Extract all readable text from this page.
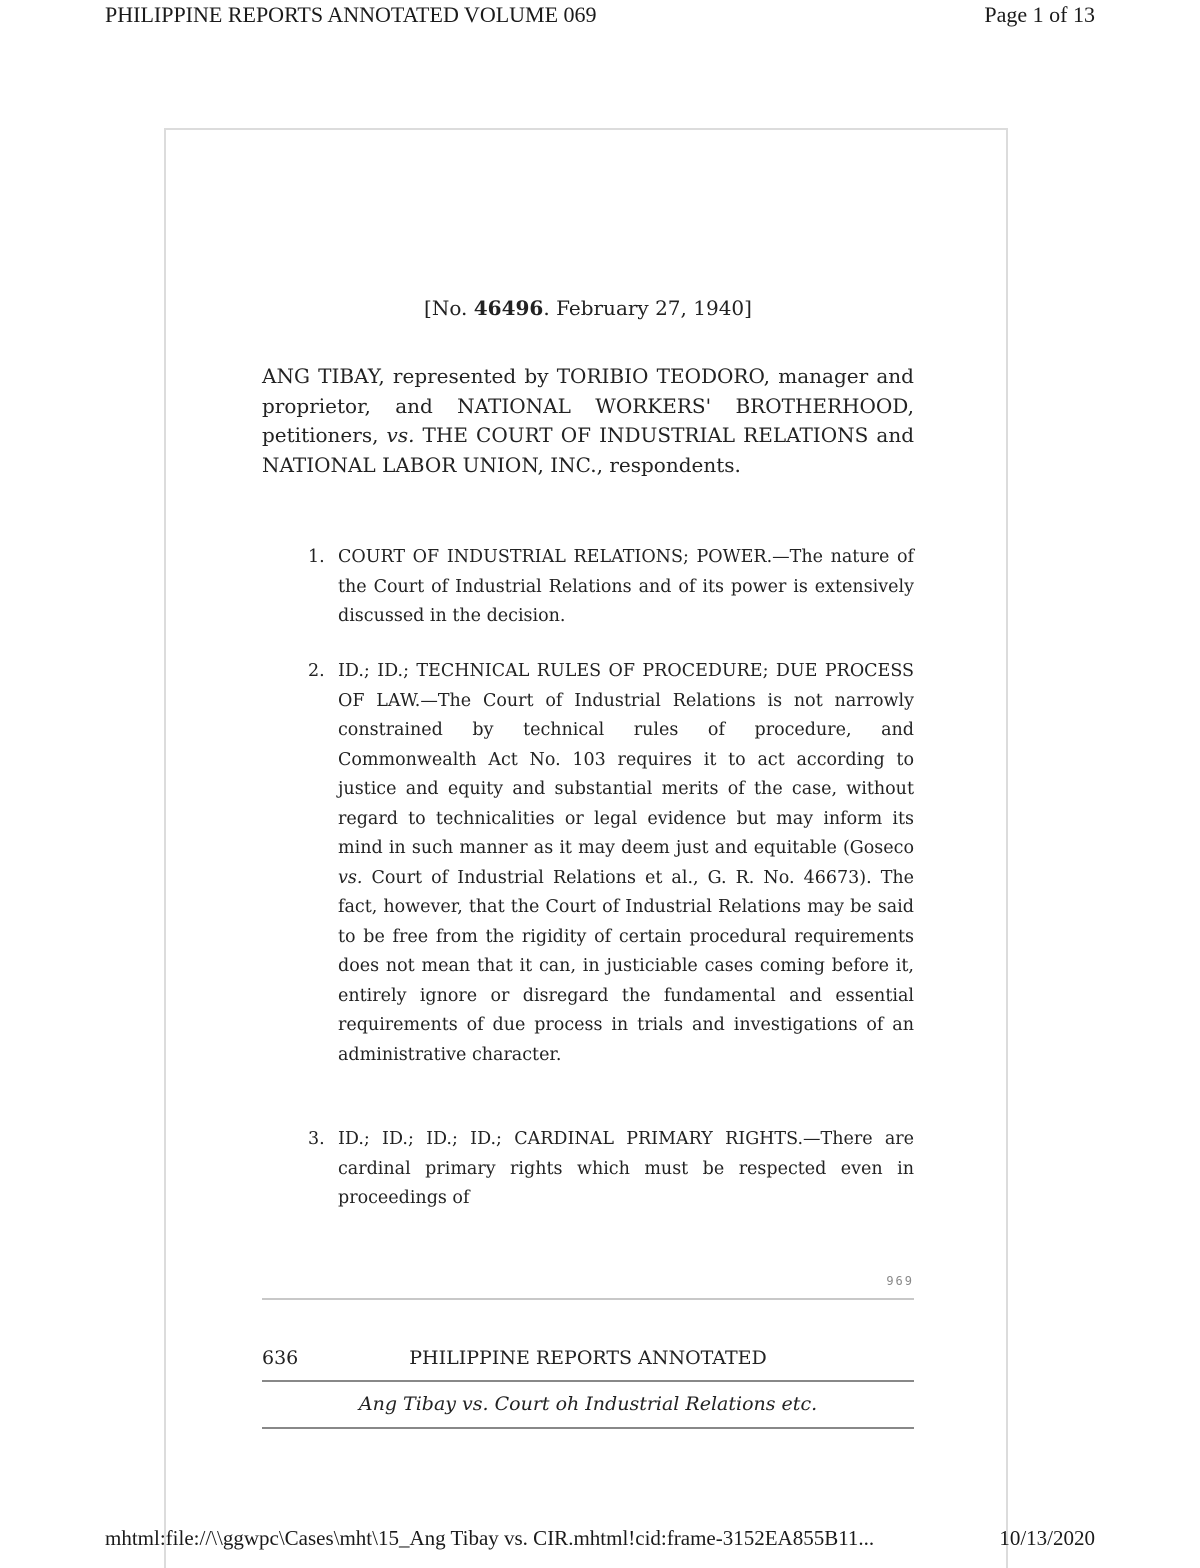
PHILIPPINE REPORTS ANNOTATED VOLUME 069	Page 1 of 13
[No. 46496. February 27, 1940]
ANG TIBAY, represented by TORIBIO TEODORO, manager and proprietor, and NATIONAL WORKERS' BROTHERHOOD, petitioners, vs. THE COURT OF INDUSTRIAL RELATIONS and NATIONAL LABOR UNION, INC., respondents.
1. COURT OF INDUSTRIAL RELATIONS; POWER.—The nature of the Court of Industrial Relations and of its power is extensively discussed in the decision.
2. ID.; ID.; TECHNICAL RULES OF PROCEDURE; DUE PROCESS OF LAW.—The Court of Industrial Relations is not narrowly constrained by technical rules of procedure, and Commonwealth Act No. 103 requires it to act according to justice and equity and substantial merits of the case, without regard to technicalities or legal evidence but may inform its mind in such manner as it may deem just and equitable (Goseco vs. Court of Industrial Relations et al., G. R. No. 46673). The fact, however, that the Court of Industrial Relations may be said to be free from the rigidity of certain procedural requirements does not mean that it can, in justiciable cases coming before it, entirely ignore or disregard the fundamental and essential requirements of due process in trials and investigations of an administrative character.
3. ID.; ID.; ID.; ID.; CARDINAL PRIMARY RIGHTS.—There are cardinal primary rights which must be respected even in proceedings of
969
636	PHILIPPINE REPORTS ANNOTATED
Ang Tibay vs. Court oh Industrial Relations etc.
mhtml:file://\\ggwpc\Cases\mht\15_Ang Tibay vs. CIR.mhtml!cid:frame-3152EA855B11...	10/13/2020
